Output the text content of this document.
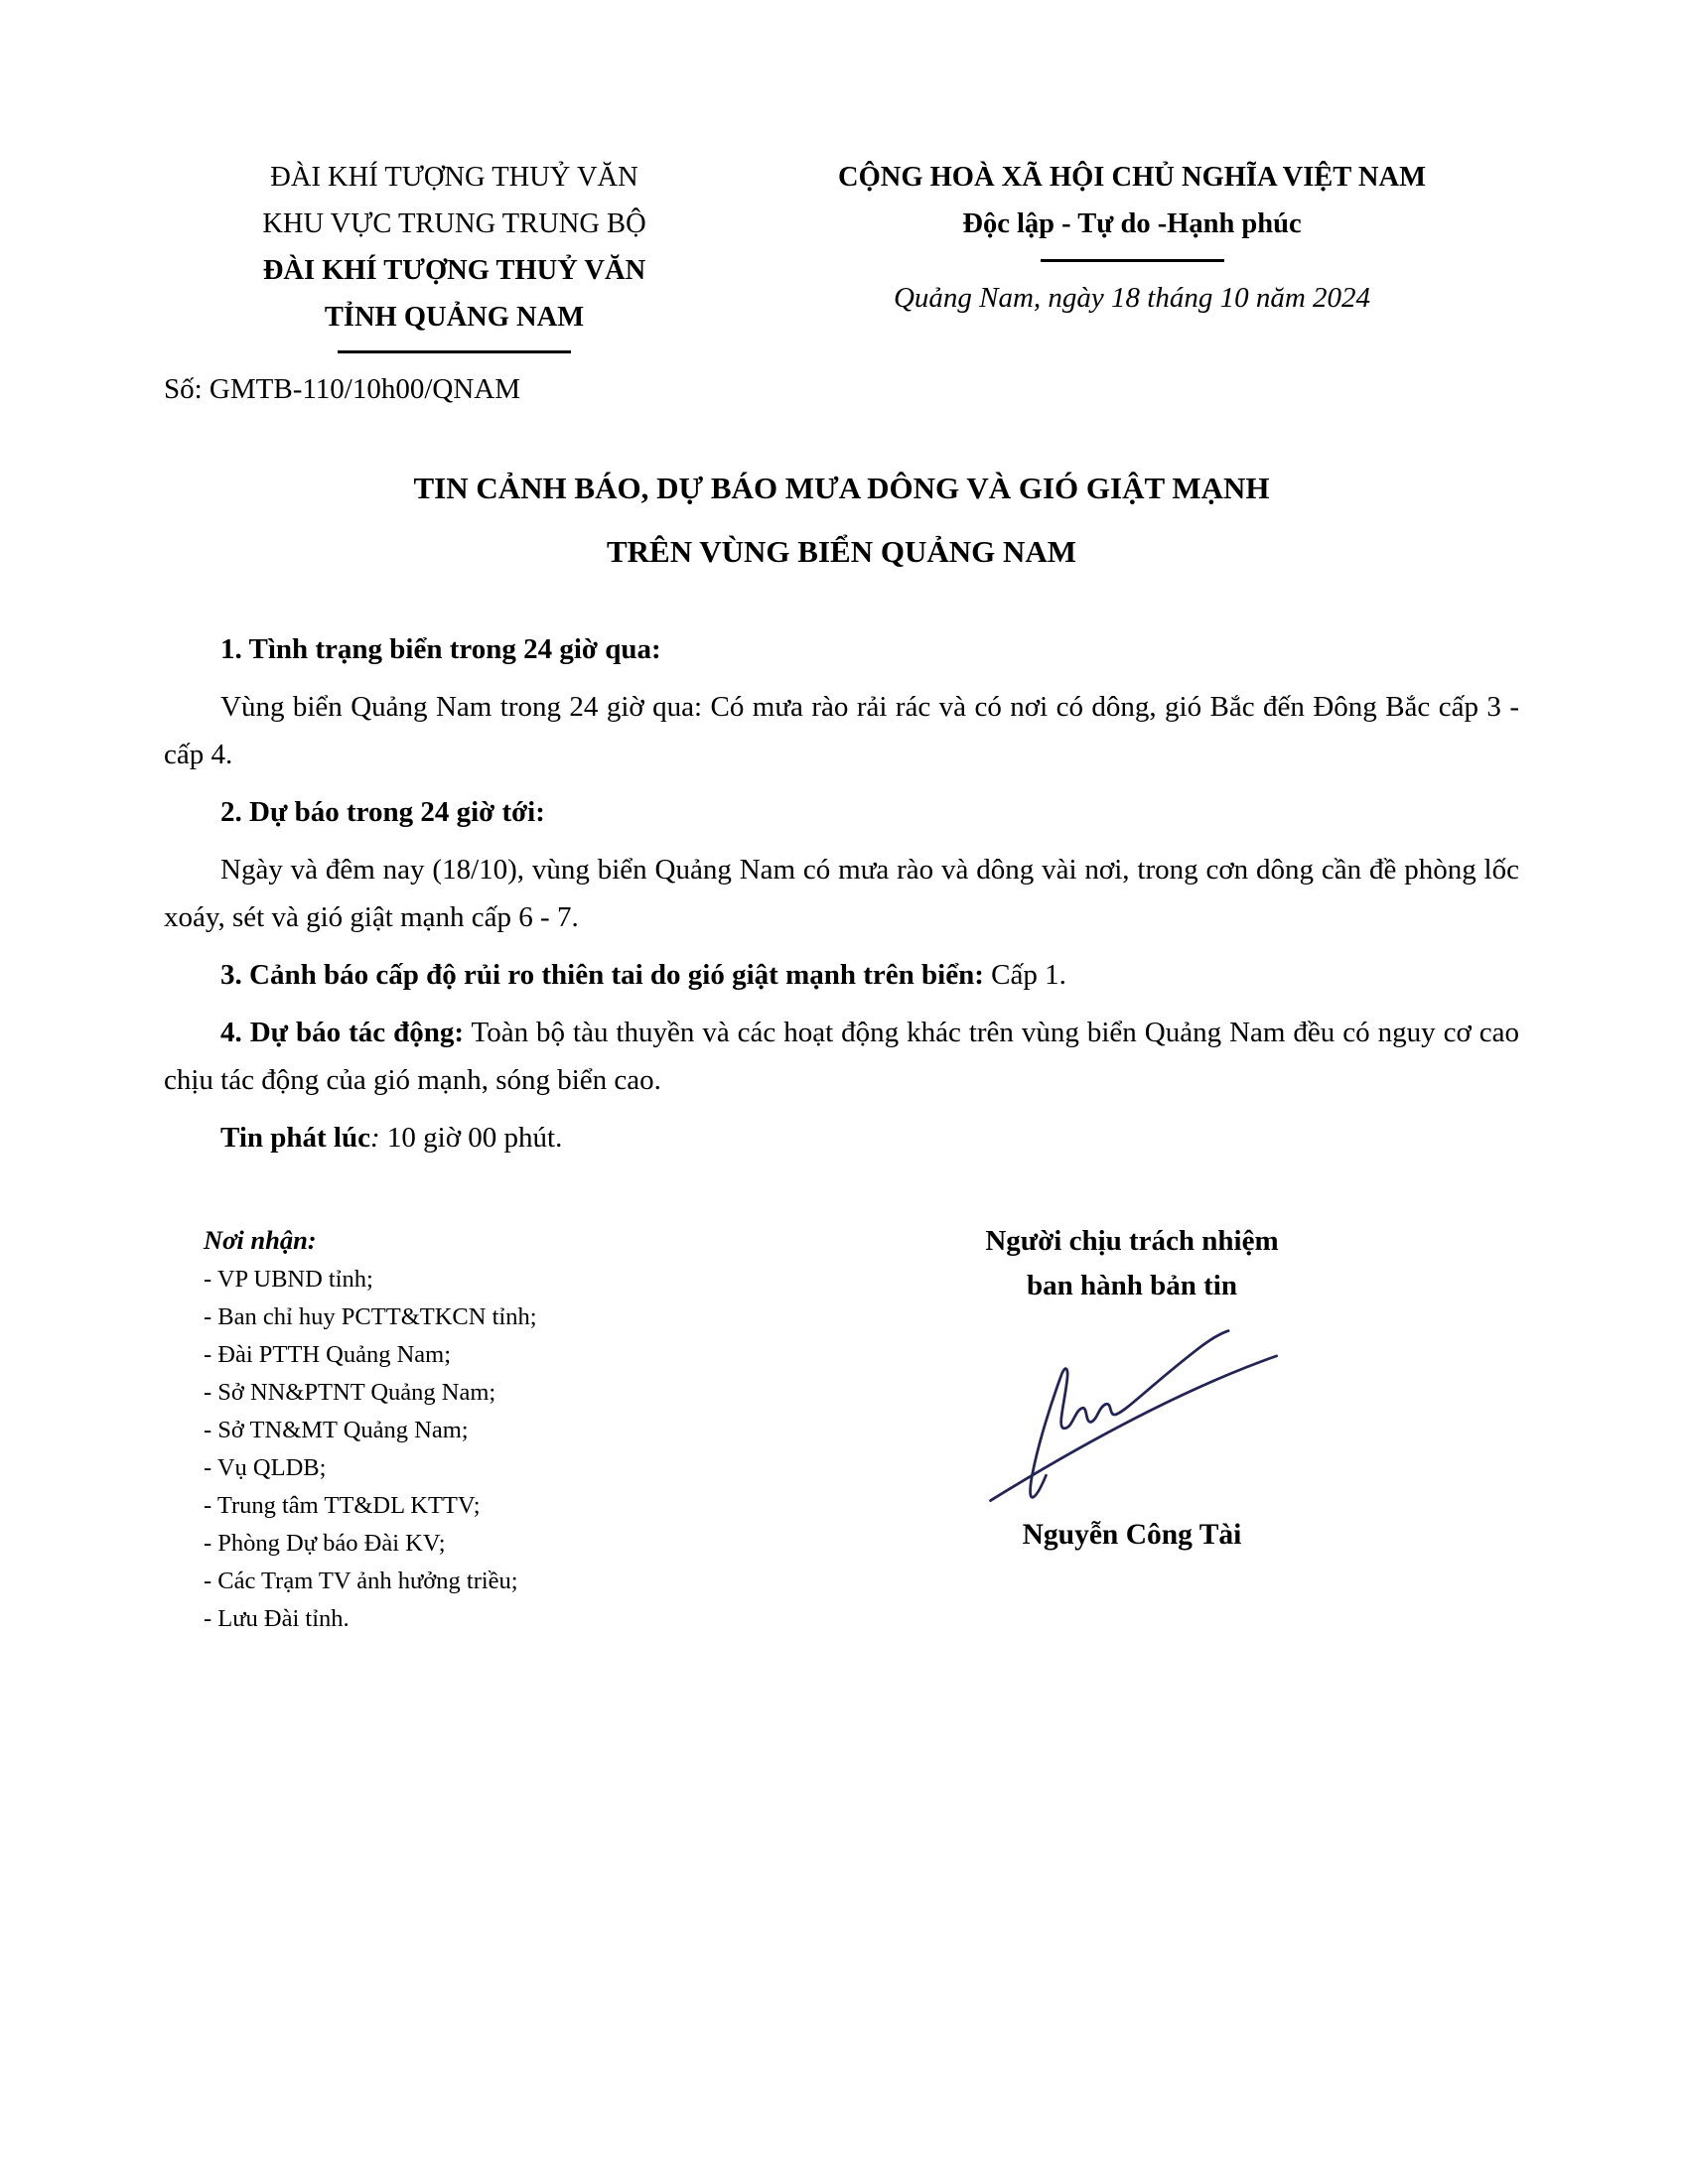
ĐÀI KHÍ TƯỢNG THUỶ VĂN
KHU VỰC TRUNG TRUNG BỘ
ĐÀI KHÍ TƯỢNG THUỶ VĂN
TỈNH QUẢNG NAM
Số: GMTB-110/10h00/QNAM
CỘNG HOÀ XÃ HỘI CHỦ NGHĨA VIỆT NAM
Độc lập - Tự do -Hạnh phúc
Quảng Nam, ngày 18 tháng 10 năm 2024
TIN CẢNH BÁO, DỰ BÁO MƯA DÔNG VÀ GIÓ GIẬT MẠNH
TRÊN VÙNG BIỂN QUẢNG NAM

1. Tình trạng biển trong 24 giờ qua:

Vùng biển Quảng Nam trong 24 giờ qua: Có mưa rào rải rác và có nơi có dông, gió Bắc đến Đông Bắc cấp 3 - cấp 4.

2. Dự báo trong 24 giờ tới:

Ngày và đêm nay (18/10), vùng biển Quảng Nam có mưa rào và dông vài nơi, trong cơn dông cần đề phòng lốc xoáy, sét và gió giật mạnh cấp 6 - 7.

3. Cảnh báo cấp độ rủi ro thiên tai do gió giật mạnh trên biển: Cấp 1.

4. Dự báo tác động: Toàn bộ tàu thuyền và các hoạt động khác trên vùng biển Quảng Nam đều có nguy cơ cao chịu tác động của gió mạnh, sóng biển cao.

Tin phát lúc: 10 giờ 00 phút.

Nơi nhận:
- VP UBND tỉnh;
- Ban chỉ huy PCTT&TKCN tỉnh;
- Đài PTTH Quảng Nam;
- Sở NN&PTNT Quảng Nam;
- Sở TN&MT Quảng Nam;
- Vụ QLDB;
- Trung tâm TT&DL KTTV;
- Phòng Dự báo Đài KV;
- Các Trạm TV ảnh hưởng triều;
- Lưu Đài tỉnh.
Người chịu trách nhiệm
ban hành bản tin
Nguyễn Công Tài
